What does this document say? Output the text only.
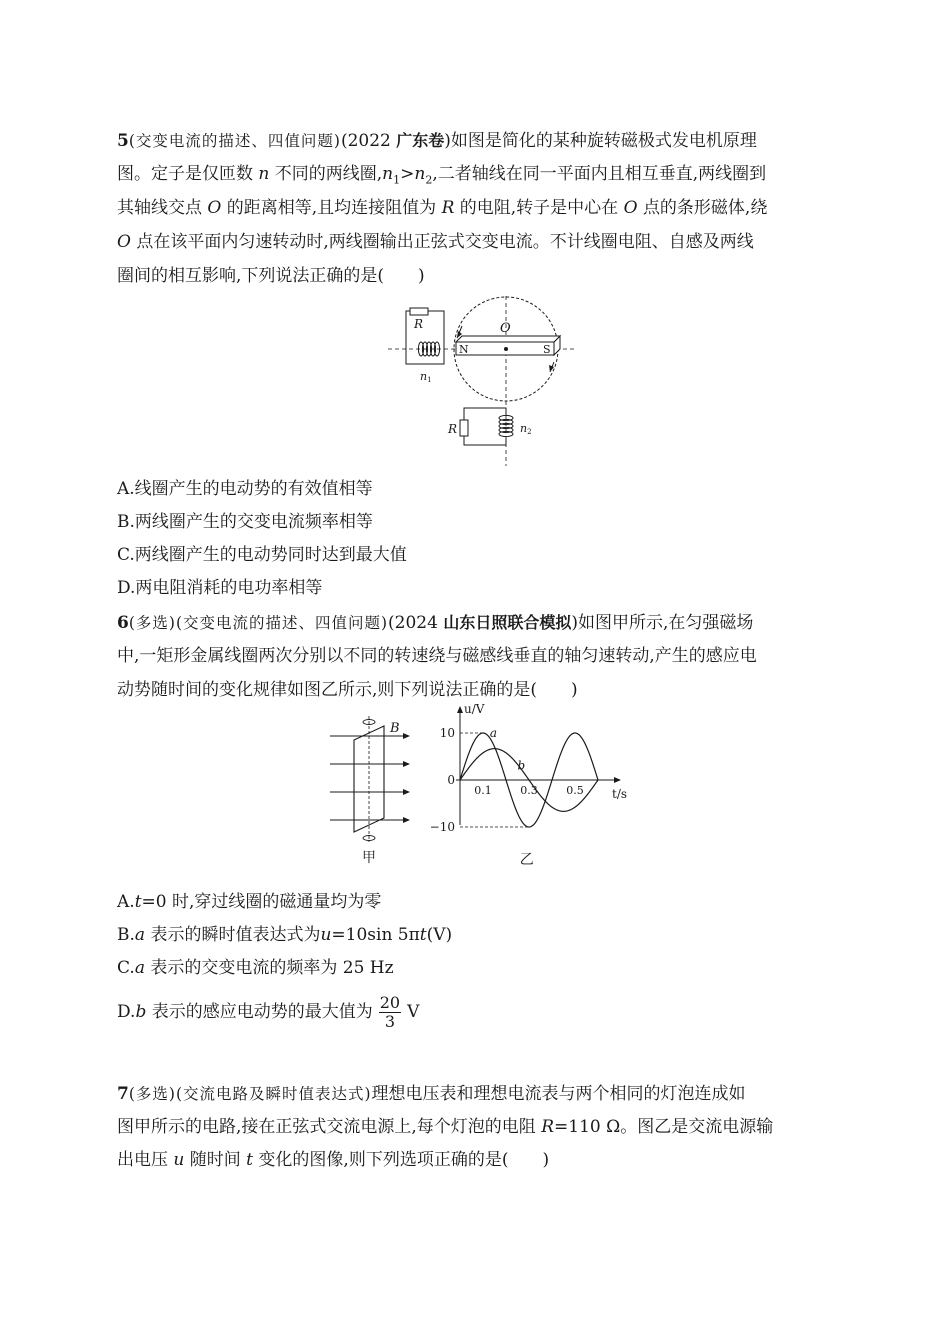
5(交变电流的描述、四值问题)(2022 广东卷)如图是简化的某种旋转磁极式发电机原理
图。定子是仅匝数 n 不同的两线圈$,n_1>n_2$,二者轴线在同一平面内且相互垂直,两线圈到
其轴线交点 O 的距离相等,且均连接阻值为 R 的电阻,转子是中心在 O 点的条形磁体,绕
O 点在该平面内匀速转动时,两线圈输出正弦式交变电流。不计线圈电阻、自感及两线
圈间的相互影响,下列说法正确的是(　　)
O
N	S
R
n1
R	n2
A.线圈产生的电动势的有效值相等
B.两线圈产生的交变电流频率相等
C.两线圈产生的电动势同时达到最大值
D.两电阻消耗的电功率相等
6(多选)(交变电流的描述、四值问题)(2024 山东日照联合模拟)如图甲所示,在匀强磁场
中,一矩形金属线圈两次分别以不同的转速绕与磁感线垂直的轴匀速转动,产生的感应电
动势随时间的变化规律如图乙所示,则下列说法正确的是(　　)
B
甲
u/V
t/s
10
0
−10
0.1	0.3	0.5
a
b
乙
A.t=0 时,穿过线圈的磁通量均为零
B.a 表示的瞬时值表达式为u=10sin 5πt(V)
C.a 表示的交变电流的频率为 25 Hz
D.b 表示的感应电动势的最大值为 $\frac{20}{3}$ V
7(多选)(交流电路及瞬时值表达式)理想电压表和理想电流表与两个相同的灯泡连成如
图甲所示的电路,接在正弦式交流电源上,每个灯泡的电阻 R=110 Ω。图乙是交流电源输
出电压 u 随时间 t 变化的图像,则下列选项正确的是(　　)
